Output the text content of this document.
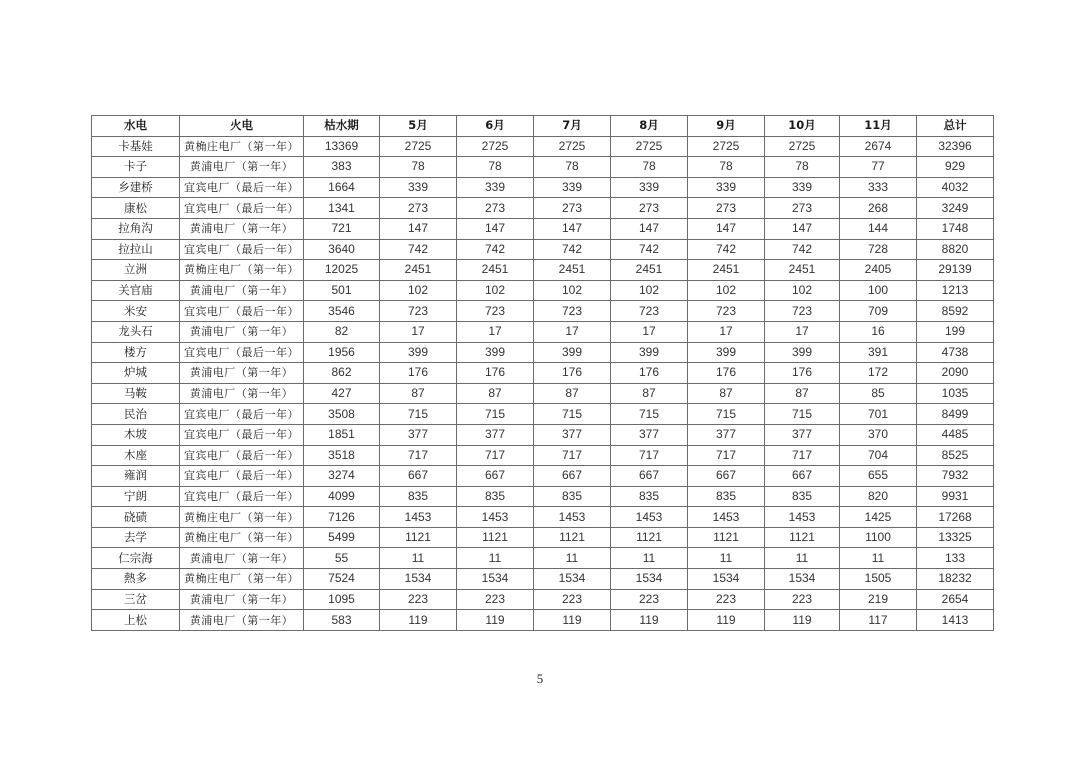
水电	火电	枯水期	5月	6月	7月	8月	9月	10月	11月	总计
卡基娃	黄桷庄电厂（第一年）	13369	2725	2725	2725	2725	2725	2725	2674	32396
卡子	黄浦电厂（第一年）	383	78	78	78	78	78	78	77	929
乡建桥	宜宾电厂（最后一年）	1664	339	339	339	339	339	339	333	4032
康松	宜宾电厂（最后一年）	1341	273	273	273	273	273	273	268	3249
拉角沟	黄浦电厂（第一年）	721	147	147	147	147	147	147	144	1748
拉拉山	宜宾电厂（最后一年）	3640	742	742	742	742	742	742	728	8820
立洲	黄桷庄电厂（第一年）	12025	2451	2451	2451	2451	2451	2451	2405	29139
关官庙	黄浦电厂（第一年）	501	102	102	102	102	102	102	100	1213
米安	宜宾电厂（最后一年）	3546	723	723	723	723	723	723	709	8592
龙头石	黄浦电厂（第一年）	82	17	17	17	17	17	17	16	199
楼方	宜宾电厂（最后一年）	1956	399	399	399	399	399	399	391	4738
炉城	黄浦电厂（第一年）	862	176	176	176	176	176	176	172	2090
马鞍	黄浦电厂（第一年）	427	87	87	87	87	87	87	85	1035
民治	宜宾电厂（最后一年）	3508	715	715	715	715	715	715	701	8499
木坡	宜宾电厂（最后一年）	1851	377	377	377	377	377	377	370	4485
木座	宜宾电厂（最后一年）	3518	717	717	717	717	717	717	704	8525
雍润	宜宾电厂（最后一年）	3274	667	667	667	667	667	667	655	7932
宁朗	宜宾电厂（最后一年）	4099	835	835	835	835	835	835	820	9931
硗碛	黄桷庄电厂（第一年）	7126	1453	1453	1453	1453	1453	1453	1425	17268
去学	黄桷庄电厂（第一年）	5499	1121	1121	1121	1121	1121	1121	1100	13325
仁宗海	黄浦电厂（第一年）	55	11	11	11	11	11	11	11	133
熱多	黄桷庄电厂（第一年）	7524	1534	1534	1534	1534	1534	1534	1505	18232
三岔	黄浦电厂（第一年）	1095	223	223	223	223	223	223	219	2654
上松	黄浦电厂（第一年）	583	119	119	119	119	119	119	117	1413
5
